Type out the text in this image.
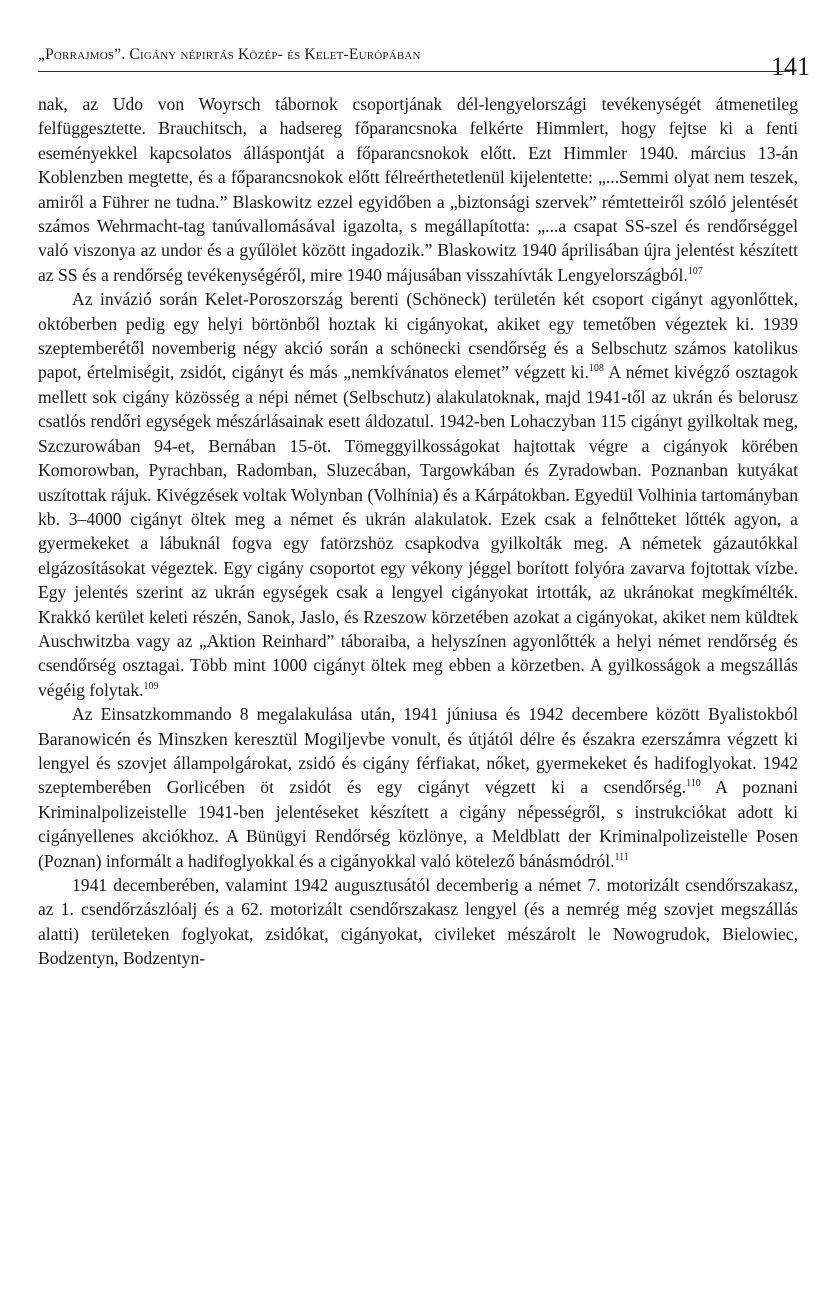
„Porrajmos”. Cigány népirtás Közép- és Kelet-Európában	141

nak, az Udo von Woyrsch tábornok csoportjának dél-lengyelországi tevékenységét átmenetileg felfüggesztette. Brauchitsch, a hadsereg főparancsnoka felkérte Himmlert, hogy fejtse ki a fenti eseményekkel kapcsolatos álláspontját a főparancsnokok előtt. Ezt Himmler 1940. március 13-án Koblenzben megtette, és a főparancsnokok előtt félreérthetetlenül kijelentette: „...Semmi olyat nem teszek, amiről a Führer ne tudna.” Blaskowitz ezzel egyidőben a „biztonsági szervek” rémtetteiről szóló jelentését számos Wehrmacht-tag tanúvallomásával igazolta, s megállapította: „...a csapat SS-szel és rendőrséggel való viszonya az undor és a gyűlölet között ingadozik.” Blaskowitz 1940 áprilisában újra jelentést készített az SS és a rendőrség tevékenységéről, mire 1940 májusában visszahívták Lengyelországból.$^{107}$

Az invázió során Kelet-Poroszország berenti (Schöneck) területén két csoport cigányt agyonlőttek, októberben pedig egy helyi börtönből hoztak ki cigányokat, akiket egy temetőben végeztek ki. 1939 szeptemberétől novemberig négy akció során a schönecki csendőrség és a Selbschutz számos katolikus papot, értelmiségit, zsidót, cigányt és más „nemkívánatos elemet” végzett ki.$^{108}$ A német kivégző osztagok mellett sok cigány közösség a népi német (Selbschutz) alakulatoknak, majd 1941-től az ukrán és belorusz csatlós rendőri egységek mészárlásainak esett áldozatul. 1942-ben Lohaczyban 115 cigányt gyilkoltak meg, Szczurowában 94-et, Bernában 15-öt. Tömeggyilkosságokat hajtottak végre a cigányok körében Komorowban, Pyrachban, Radomban, Sluzecában, Targowkában és Zyradowban. Poznanban kutyákat uszítottak rájuk. Kivégzések voltak Wolynban (Volhínia) és a Kárpátokban. Egyedül Volhinia tartományban kb. 3–4000 cigányt öltek meg a német és ukrán alakulatok. Ezek csak a felnőtteket lőtték agyon, a gyermekeket a lábuknál fogva egy fatörzshöz csapkodva gyilkolták meg. A németek gázautókkal elgázosításokat végeztek. Egy cigány csoportot egy vékony jéggel borított folyóra zavarva fojtottak vízbe. Egy jelentés szerint az ukrán egységek csak a lengyel cigányokat irtották, az ukránokat megkímélték. Krakkó kerület keleti részén, Sanok, Jaslo, és Rzeszow körzetében azokat a cigányokat, akiket nem küldtek Auschwitzba vagy az „Aktion Reinhard” táboraiba, a helyszínen agyonlőtték a helyi német rendőrség és csendőrség osztagai. Több mint 1000 cigányt öltek meg ebben a körzetben. A gyilkosságok a megszállás végéig folytak.$^{109}$

Az Einsatzkommando 8 megalakulása után, 1941 júniusa és 1942 decembere között Byalistokból Baranowicén és Minszken keresztül Mogiljevbe vonult, és útjától délre és északra ezerszámra végzett ki lengyel és szovjet állampolgárokat, zsidó és cigány férfiakat, nőket, gyermekeket és hadifoglyokat. 1942 szeptemberében Gorlicében öt zsidót és egy cigányt végzett ki a csendőrség.$^{110}$ A poznani Kriminalpolizeistelle 1941-ben jelentéseket készített a cigány népességről, s instrukciókat adott ki cigányellenes akciókhoz. A Bünügyi Rendőrség közlönye, a Meldblatt der Kriminalpolizeistelle Posen (Poznan) informált a hadifoglyokkal és a cigányokkal való kötelező bánásmódról.$^{111}$

1941 decemberében, valamint 1942 augusztusától decemberig a német 7. motorizált csendőrszakasz, az 1. csendőrzászlóalj és a 62. motorizált csendőrszakasz lengyel (és a nemrég még szovjet megszállás alatti) területeken foglyokat, zsidókat, cigányokat, civileket mészárolt le Nowogrudok, Bielowiec, Bodzentyn, Bodzentyn-
